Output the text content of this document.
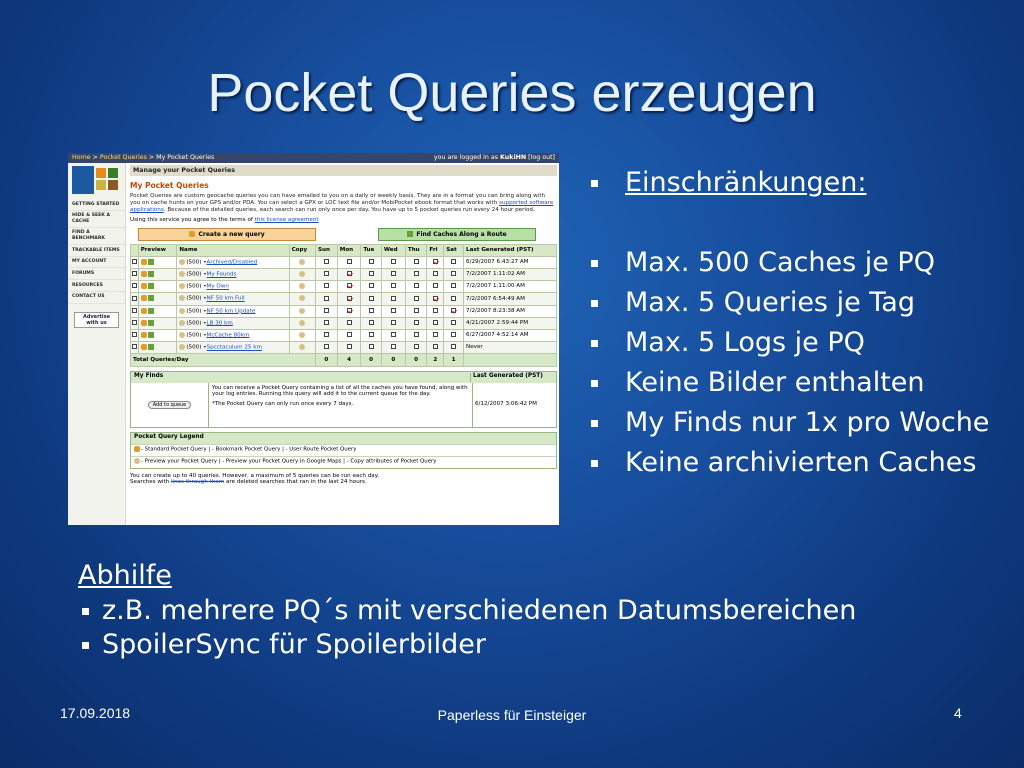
Pocket Queries erzeugen
Home > Pocket Queries > My Pocket Queries	you are logged in as KukiHN [log out]
GETTING STARTED
HIDE & SEEK A CACHE
FIND A BENCHMARK
TRACKABLE ITEMS
MY ACCOUNT
FORUMS
RESOURCES
CONTACT US
Advertise with us
Manage your Pocket Queries
My Pocket Queries
Pocket Queries are custom geocache queries you can have emailed to you on a daily or weekly basis. They are in a format you can bring along with you on cache hunts on your GPS and/or PDA. You can select a GPX or LOC text file and/or MobiPocket ebook format that works with supported software applications. Because of the detailed queries, each search can run only once per day. You have up to 5 pocket queries run every 24 hour period.
Using this service you agree to the terms of this license agreement
Create a new query	Find Caches Along a Route
	Preview	Name	Copy	Sun	Mon	Tue	Wed	Thu	Fri	Sat	Last Generated (PST)
		(500) •Archived/Disabled									6/29/2007 6:43:27 AM
		(500) •My Founds									7/2/2007 1:11:02 AM
		(500) •My Own									7/2/2007 1:11:00 AM
		(500) •NF 50 km Full									7/2/2007 6:54:49 AM
		(500) •NF 50 km Update									7/2/2007 8:23:38 AM
		(500) •LB 30 km									4/21/2007 2:59:44 PM
		(500) •McCache 80km									6/27/2007 4:52:14 AM
		(500) •Spcctaculum 25 km									Never
Total Queries/Day				0	4	0	0	0	2	1	
My Finds	Last Generated (PST)
Add to queue
You can receive a Pocket Query containing a list of all the caches you have found, along with your log entries. Running this query will add it to the current queue for the day.
*The Pocket Query can only run once every 7 days.	6/12/2007 3:06:42 PM
Pocket Query Legend
- Standard Pocket Query | - Bookmark Pocket Query | - User Route Pocket Query
- Preview your Pocket Query | - Preview your Pocket Query in Google Maps | - Copy attributes of Pocket Query
You can create up to 40 queries. However, a maximum of 5 queries can be run each day.
Searches with lines through them are deleted searches that ran in the last 24 hours.
Einschränkungen:
Max. 500 Caches je PQ
Max. 5 Queries je Tag
Max. 5 Logs je PQ
Keine Bilder enthalten
My Finds nur 1x pro Woche
Keine archivierten Caches
Abhilfe
z.B. mehrere PQ´s mit verschiedenen Datumsbereichen
SpoilerSync für Spoilerbilder
17.09.2018	Paperless für Einsteiger	4
